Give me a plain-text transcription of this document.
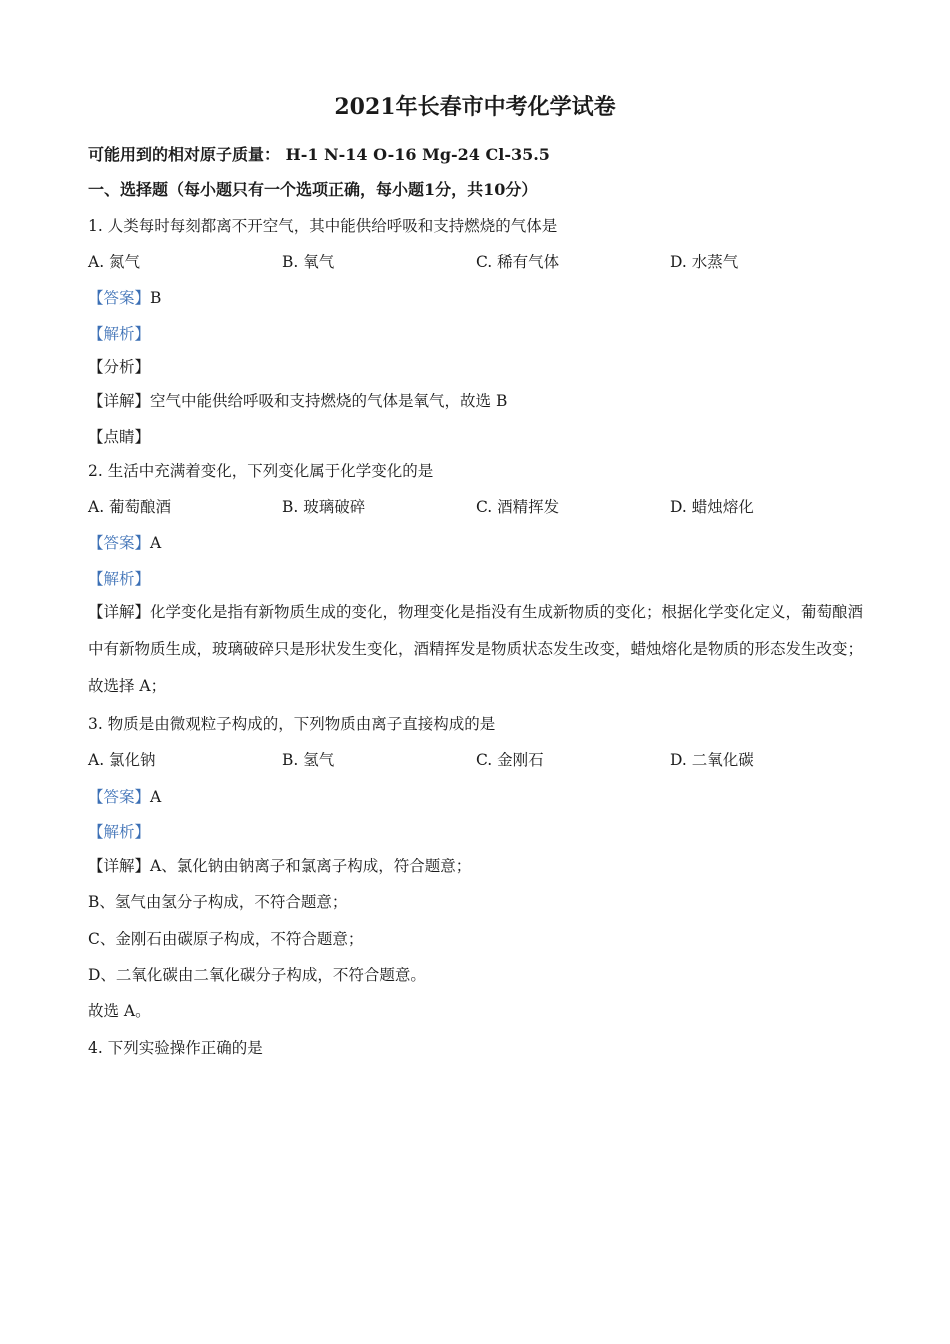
2021年长春市中考化学试卷
可能用到的相对原子质量： H-1 N-14 O-16 Mg-24 Cl-35.5
一、选择题（每小题只有一个选项正确，每小题1分，共10分）
1. 人类每时每刻都离不开空气，其中能供给呼吸和支持燃烧的气体是
A. 氮气	B. 氧气	C. 稀有气体	D. 水蒸气
【答案】B
【解析】
【分析】
【详解】空气中能供给呼吸和支持燃烧的气体是氧气，故选 B
【点睛】
2. 生活中充满着变化，下列变化属于化学变化的是
A. 葡萄酿酒	B. 玻璃破碎	C. 酒精挥发	D. 蜡烛熔化
【答案】A
【解析】
【详解】化学变化是指有新物质生成的变化，物理变化是指没有生成新物质的变化；根据化学变化定义，葡萄酿酒中有新物质生成，玻璃破碎只是形状发生变化，酒精挥发是物质状态发生改变，蜡烛熔化是物质的形态发生改变；故选择 A；
3. 物质是由微观粒子构成的，下列物质由离子直接构成的是
A. 氯化钠	B. 氢气	C. 金刚石	D. 二氧化碳
【答案】A
【解析】
【详解】A、氯化钠由钠离子和氯离子构成，符合题意；
B、氢气由氢分子构成，不符合题意；
C、金刚石由碳原子构成，不符合题意；
D、二氧化碳由二氧化碳分子构成，不符合题意。
故选 A。
4. 下列实验操作正确的是
